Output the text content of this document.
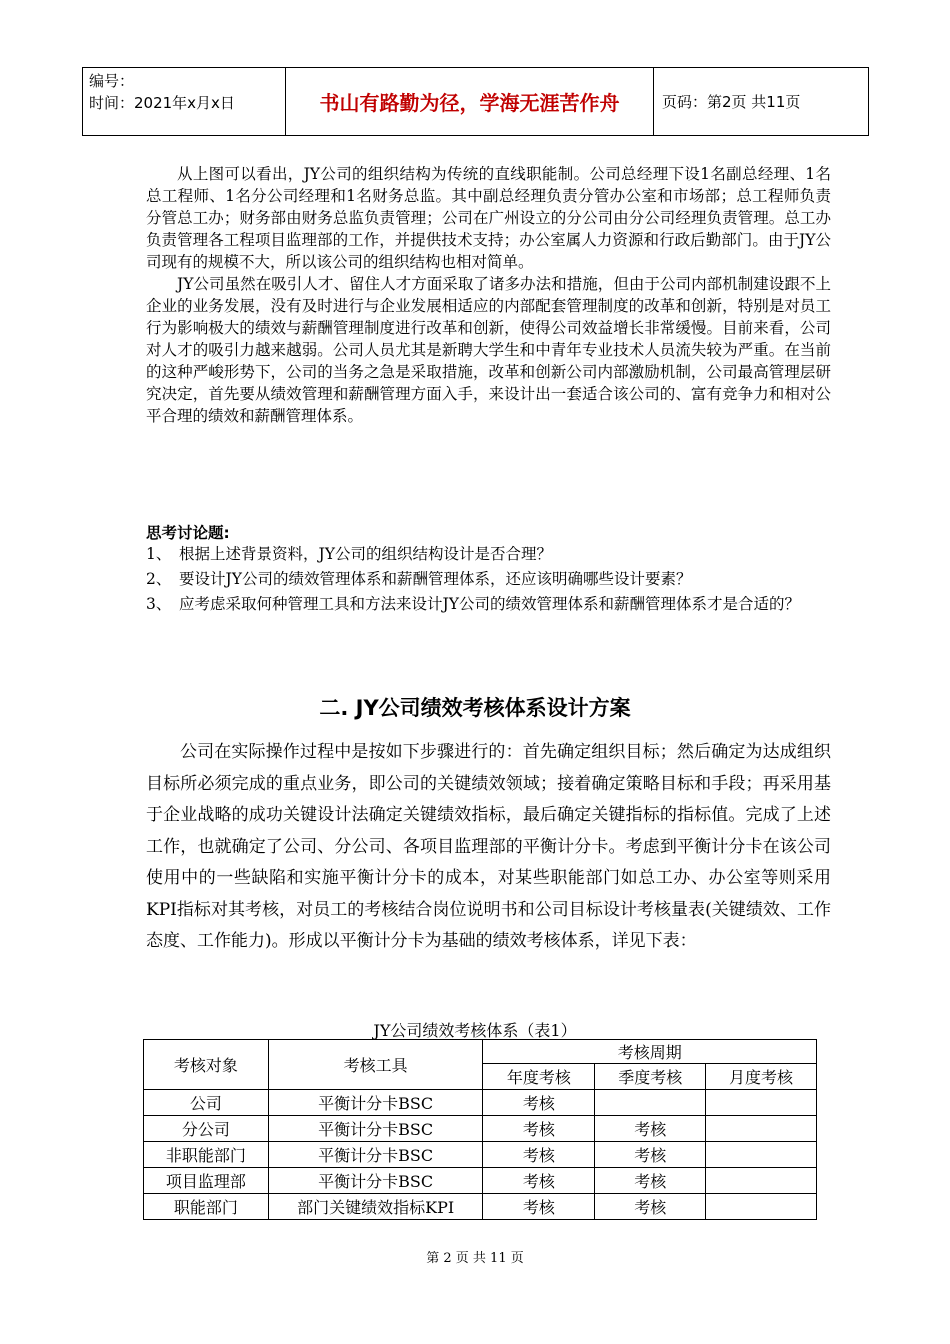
编号：
时间：2021年x月x日	书山有路勤为径，学海无涯苦作舟	页码：第2页 共11页

从上图可以看出，JY公司的组织结构为传统的直线职能制。公司总经理下设1名副总经理、1名总工程师、1名分公司经理和1名财务总监。其中副总经理负责分管办公室和市场部；总工程师负责分管总工办；财务部由财务总监负责管理；公司在广州设立的分公司由分公司经理负责管理。总工办负责管理各工程项目监理部的工作，并提供技术支持；办公室属人力资源和行政后勤部门。由于JY公司现有的规模不大，所以该公司的组织结构也相对简单。

JY公司虽然在吸引人才、留住人才方面采取了诸多办法和措施，但由于公司内部机制建设跟不上企业的业务发展，没有及时进行与企业发展相适应的内部配套管理制度的改革和创新，特别是对员工行为影响极大的绩效与薪酬管理制度进行改革和创新，使得公司效益增长非常缓慢。目前来看，公司对人才的吸引力越来越弱。公司人员尤其是新聘大学生和中青年专业技术人员流失较为严重。在当前的这种严峻形势下，公司的当务之急是采取措施，改革和创新公司内部激励机制，公司最高管理层研究决定，首先要从绩效管理和薪酬管理方面入手，来设计出一套适合该公司的、富有竞争力和相对公平合理的绩效和薪酬管理体系。

思考讨论题:
1、 根据上述背景资料，JY公司的组织结构设计是否合理？
2、 要设计JY公司的绩效管理体系和薪酬管理体系，还应该明确哪些设计要素？
3、 应考虑采取何种管理工具和方法来设计JY公司的绩效管理体系和薪酬管理体系才是合适的？
二. JY公司绩效考核体系设计方案

公司在实际操作过程中是按如下步骤进行的：首先确定组织目标；然后确定为达成组织目标所必须完成的重点业务，即公司的关键绩效领域；接着确定策略目标和手段；再采用基于企业战略的成功关键设计法确定关键绩效指标，最后确定关键指标的指标值。完成了上述工作，也就确定了公司、分公司、各项目监理部的平衡计分卡。考虑到平衡计分卡在该公司使用中的一些缺陷和实施平衡计分卡的成本，对某些职能部门如总工办、办公室等则采用KPI指标对其考核，对员工的考核结合岗位说明书和公司目标设计考核量表(关键绩效、工作态度、工作能力)。形成以平衡计分卡为基础的绩效考核体系，详见下表：

JY公司绩效考核体系（表1）
考核对象	考核工具	考核周期		
		年度考核	季度考核	月度考核
公司	平衡计分卡BSC	考核		
分公司	平衡计分卡BSC	考核	考核	
非职能部门	平衡计分卡BSC	考核	考核	
项目监理部	平衡计分卡BSC	考核	考核	
职能部门	部门关键绩效指标KPI	考核	考核	
第 2 页 共 11 页
